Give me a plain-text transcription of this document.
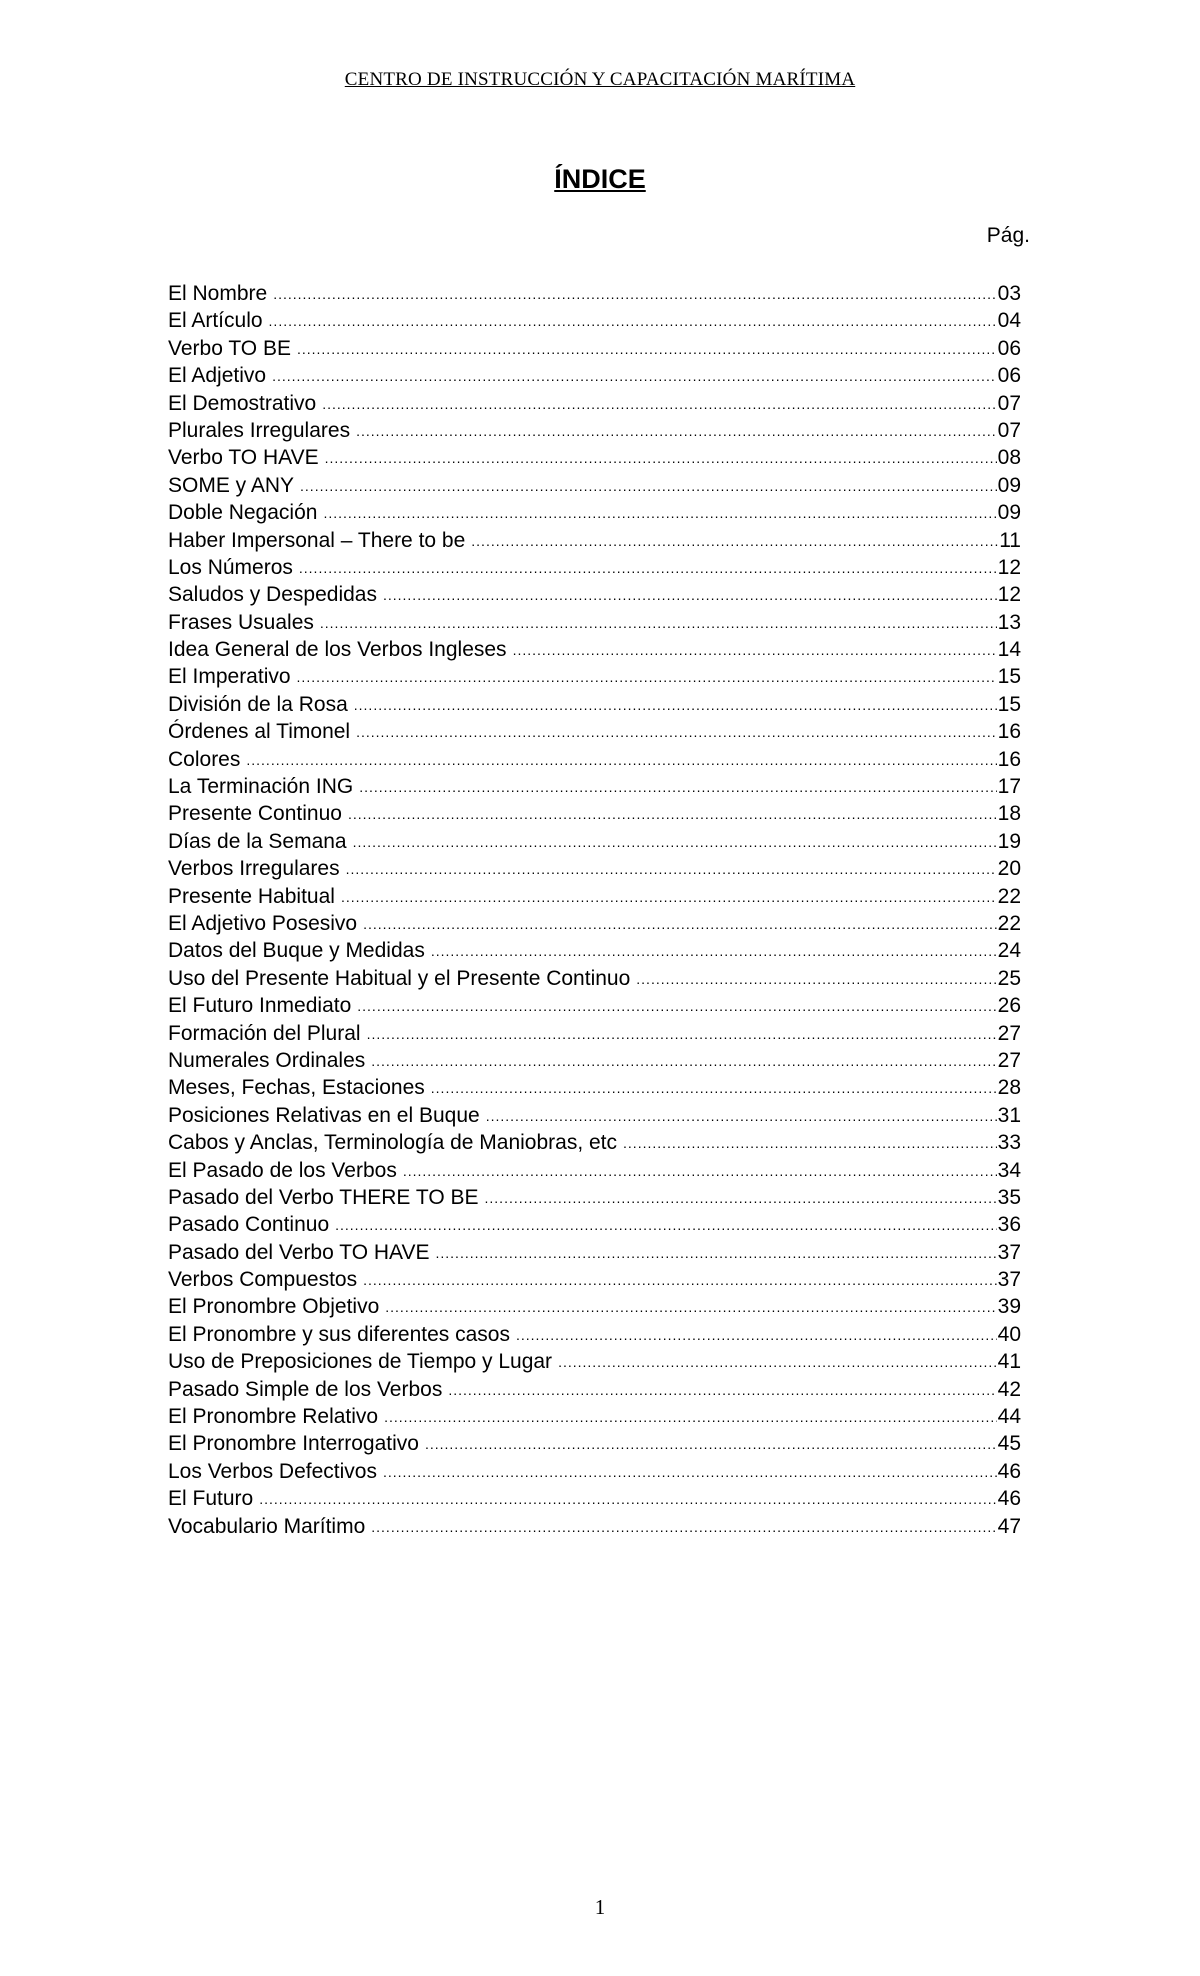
CENTRO DE INSTRUCCIÓN Y CAPACITACIÓN MARÍTIMA
ÍNDICE
Pág.
El Nombre .....	03
El Artículo .....	04
Verbo TO BE .....	06
El Adjetivo .....	06
El Demostrativo .....	07
Plurales Irregulares .....	07
Verbo TO HAVE .....	08
SOME y ANY .....	09
Doble Negación .....	09
Haber Impersonal – There to be .....	11
Los Números .....	12
Saludos y Despedidas .....	12
Frases Usuales .....	13
Idea General de los Verbos Ingleses .....	14
El Imperativo .....	15
División de la Rosa .....	15
Órdenes al Timonel .....	16
Colores .....	16
La Terminación ING .....	17
Presente Continuo .....	18
Días de la Semana .....	19
Verbos Irregulares .....	20
Presente Habitual .....	22
El Adjetivo Posesivo .....	22
Datos del Buque y Medidas .....	24
Uso del Presente Habitual y el Presente Continuo .....	25
El Futuro Inmediato .....	26
Formación del Plural .....	27
Numerales Ordinales .....	27
Meses, Fechas, Estaciones .....	28
Posiciones Relativas en el Buque .....	31
Cabos y Anclas, Terminología de Maniobras, etc .....	33
El Pasado de los Verbos .....	34
Pasado del Verbo THERE TO BE .....	35
Pasado Continuo .....	36
Pasado del Verbo TO HAVE .....	37
Verbos Compuestos .....	37
El Pronombre Objetivo .....	39
El Pronombre y sus diferentes casos .....	40
Uso de Preposiciones de Tiempo y Lugar .....	41
Pasado Simple de los Verbos .....	42
El Pronombre Relativo .....	44
El Pronombre Interrogativo .....	45
Los Verbos Defectivos .....	46
El Futuro .....	46
Vocabulario Marítimo .....	47
1
